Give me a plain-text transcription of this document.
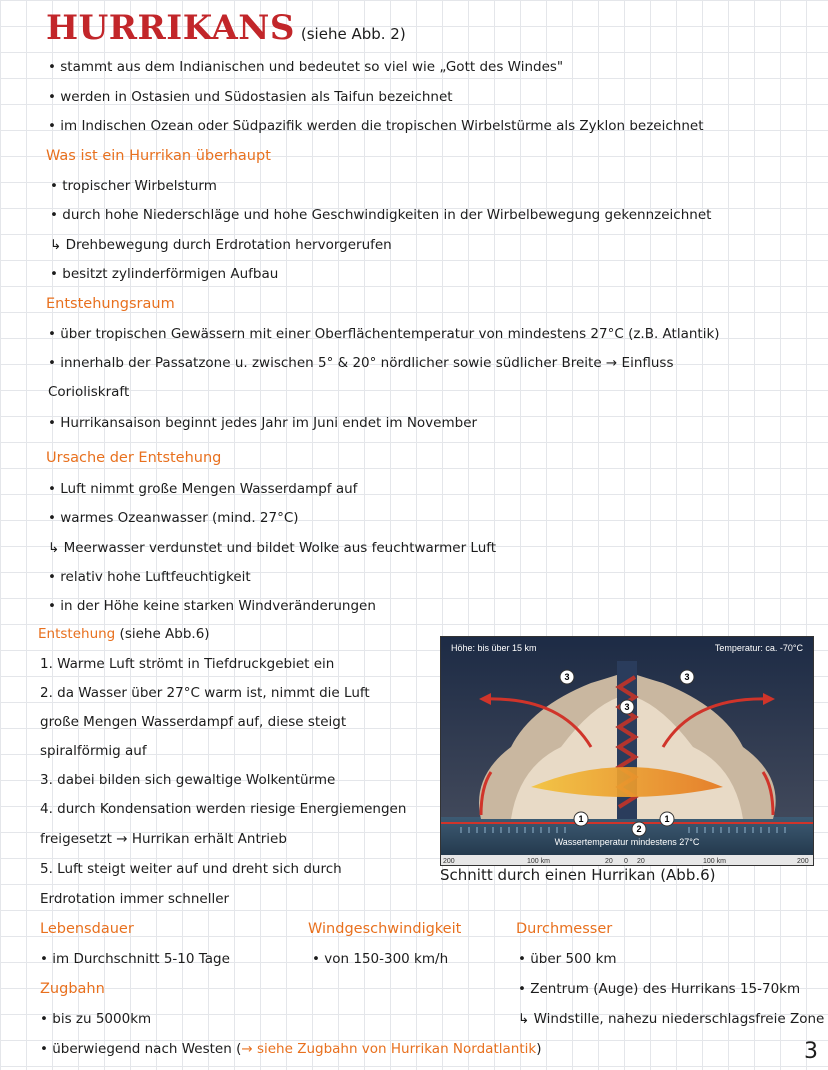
HURRIKANS (siehe Abb. 2)
• stammt aus dem Indianischen und bedeutet so viel wie „Gott des Windes"
• werden in Ostasien und Südostasien als Taifun bezeichnet
• im Indischen Ozean oder Südpazifik werden die tropischen Wirbelstürme als Zyklon bezeichnet
Was ist ein Hurrikan überhaupt
• tropischer Wirbelsturm
• durch hohe Niederschläge und hohe Geschwindigkeiten in der Wirbelbewegung gekennzeichnet
↳ Drehbewegung durch Erdrotation hervorgerufen
• besitzt zylinderförmigen Aufbau
Entstehungsraum
• über tropischen Gewässern mit einer Oberflächentemperatur von mindestens 27°C (z.B. Atlantik)
• innerhalb der Passatzone u. zwischen 5° & 20° nördlicher sowie südlicher Breite → Einfluss
Corioliskraft
• Hurrikansaison beginnt jedes Jahr im Juni endet im November
Ursache der Entstehung
• Luft nimmt große Mengen Wasserdampf auf
• warmes Ozeanwasser (mind. 27°C)
↳ Meerwasser verdunstet und bildet Wolke aus feuchtwarmer Luft
• relativ hohe Luftfeuchtigkeit
• in der Höhe keine starken Windveränderungen
Entstehung (siehe Abb.6)
1. Warme Luft strömt in Tiefdruckgebiet ein
2. da Wasser über 27°C warm ist, nimmt die Luft
große Mengen Wasserdampf auf, diese steigt
spiralförmig auf
3. dabei bilden sich gewaltige Wolkentürme
4. durch Kondensation werden riesige Energiemengen
freigesetzt → Hurrikan erhält Antrieb
5. Luft steigt weiter auf und dreht sich durch
Erdrotation immer schneller
Höhe: bis über 15 km	Temperatur: ca. -70°C
Wassertemperatur mindestens 27°C
200	100 km	20 0 20	100 km	200
1	1
2
3	3
3
Schnitt durch einen Hurrikan (Abb.6)
Lebensdauer
• im Durchschnitt 5-10 Tage
Windgeschwindigkeit
• von 150-300 km/h
Durchmesser
• über 500 km
• Zentrum (Auge) des Hurrikans 15-70km
↳ Windstille, nahezu niederschlagsfreie Zone
Zugbahn
• bis zu 5000km
• überwiegend nach Westen (→ siehe Zugbahn von Hurrikan Nordatlantik)	3
